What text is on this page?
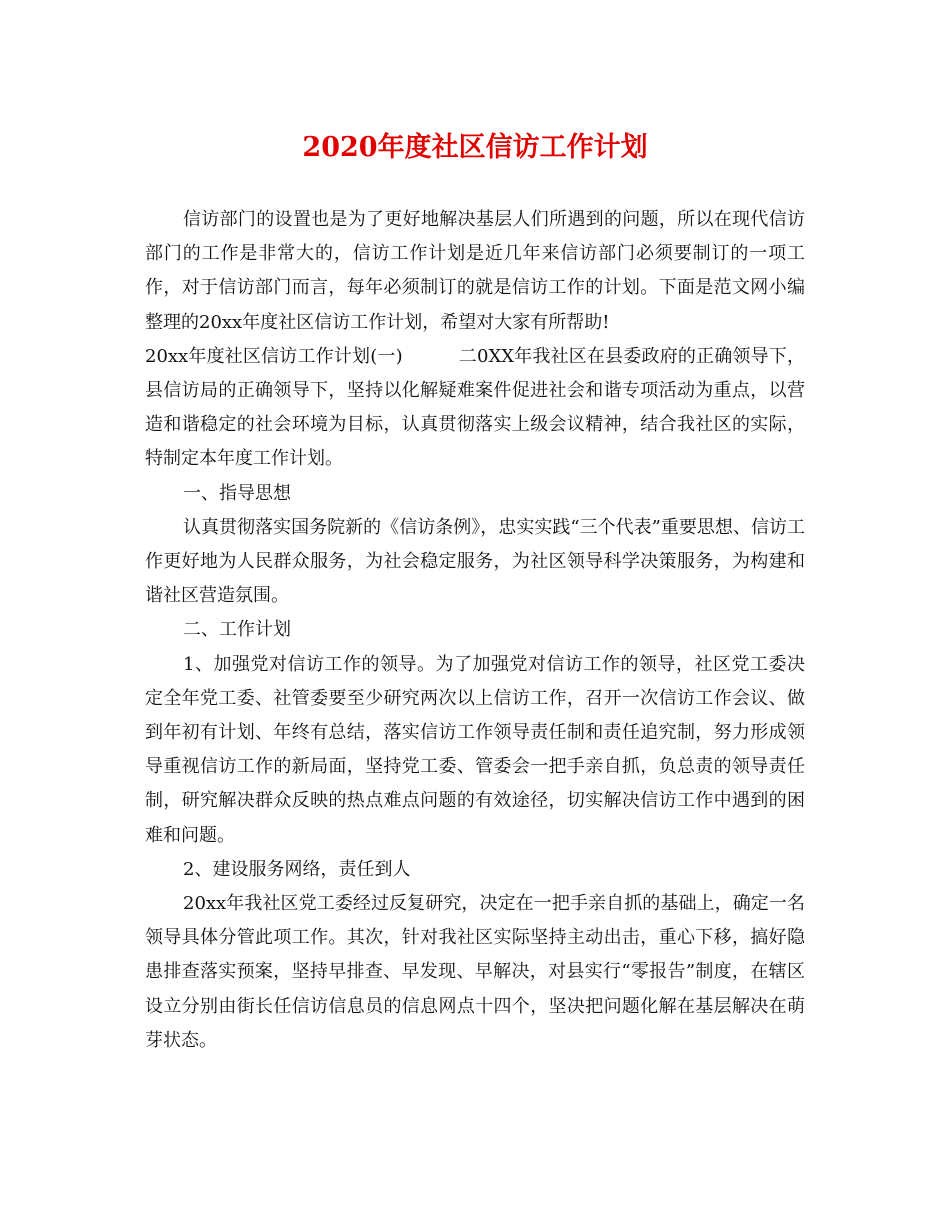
2020年度社区信访工作计划

信访部门的设置也是为了更好地解决基层人们所遇到的问题，所以在现代信访部门的工作是非常大的，信访工作计划是近几年来信访部门必须要制订的一项工作，对于信访部门而言，每年必须制订的就是信访工作的计划。下面是范文网小编整理的20xx年度社区信访工作计划，希望对大家有所帮助!

20xx年度社区信访工作计划(一)	二0XX年我社区在县委政府的正确领导下，县信访局的正确领导下，坚持以化解疑难案件促进社会和谐专项活动为重点，以营造和谐稳定的社会环境为目标，认真贯彻落实上级会议精神，结合我社区的实际，特制定本年度工作计划。

一、指导思想

认真贯彻落实国务院新的《信访条例》，忠实实践“三个代表”重要思想、信访工作更好地为人民群众服务，为社会稳定服务，为社区领导科学决策服务，为构建和谐社区营造氛围。

二、工作计划

1、加强党对信访工作的领导。为了加强党对信访工作的领导，社区党工委决定全年党工委、社管委要至少研究两次以上信访工作，召开一次信访工作会议、做到年初有计划、年终有总结，落实信访工作领导责任制和责任追究制，努力形成领导重视信访工作的新局面，坚持党工委、管委会一把手亲自抓，负总责的领导责任制，研究解决群众反映的热点难点问题的有效途径，切实解决信访工作中遇到的困难和问题。

2、建设服务网络，责任到人

20xx年我社区党工委经过反复研究，决定在一把手亲自抓的基础上，确定一名领导具体分管此项工作。其次，针对我社区实际坚持主动出击，重心下移，搞好隐患排查落实预案，坚持早排查、早发现、早解决，对县实行“零报告”制度，在辖区设立分别由街长任信访信息员的信息网点十四个，坚决把问题化解在基层解决在萌芽状态。
